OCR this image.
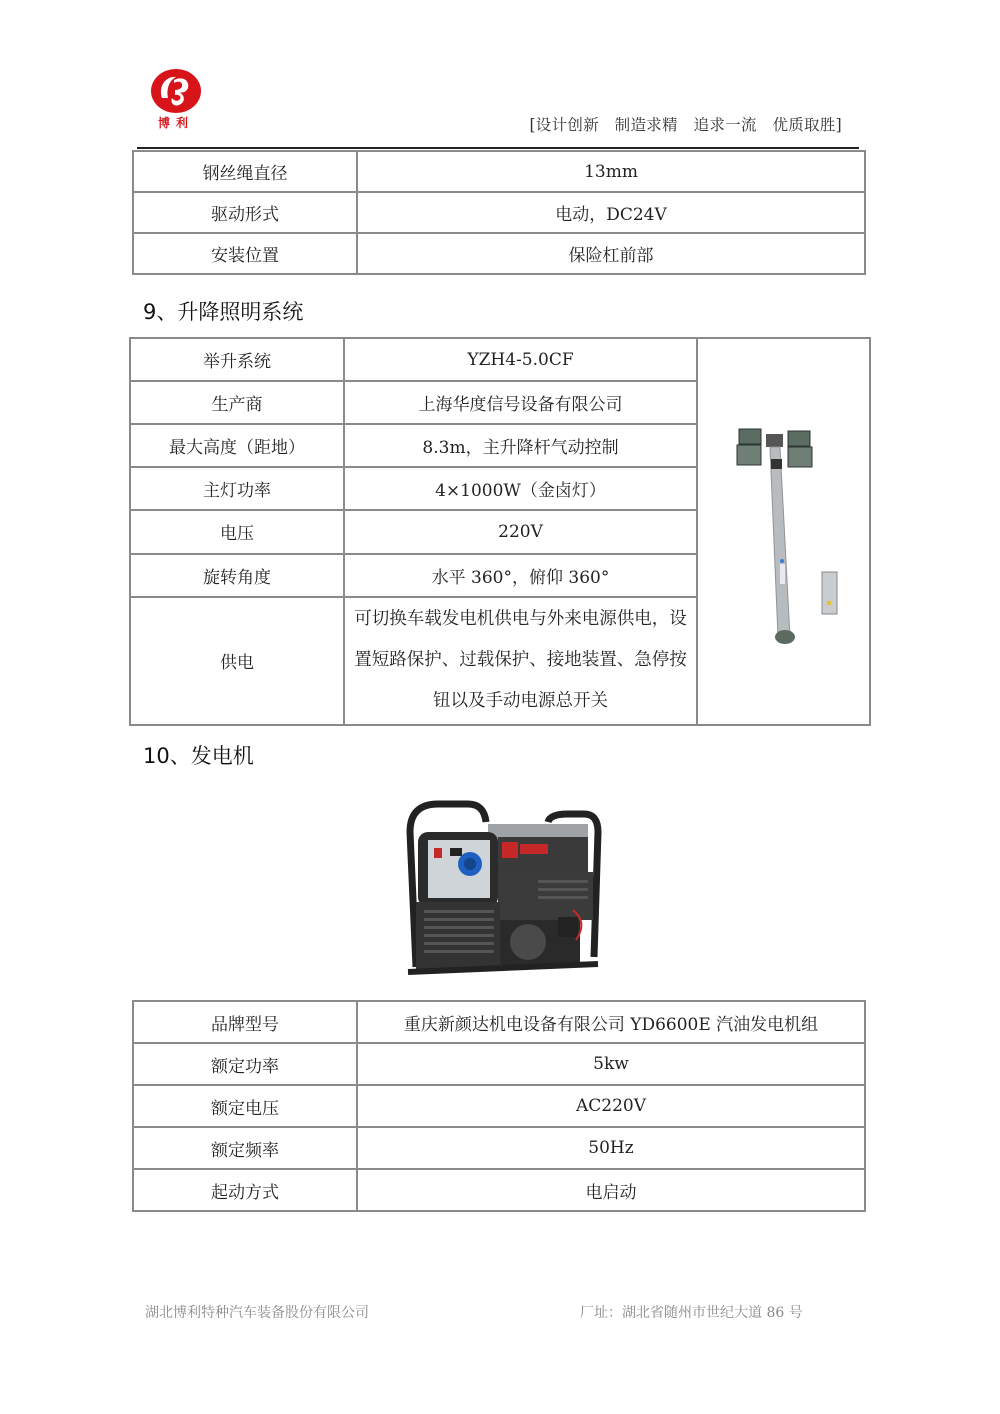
博利	[设计创新   制造求精   追求一流   优质取胜]
钢丝绳直径	13mm
驱动形式	电动，DC24V
安装位置	保险杠前部
9、升降照明系统
举升系统	YZH4-5.0CF	
生产商	上海华度信号设备有限公司	
最大高度（距地）	8.3m，主升降杆气动控制	
主灯功率	4×1000W（金卤灯）	
电压	220V	
旋转角度	水平 360°，俯仰 360°	
供电	可切换车载发电机供电与外来电源供电，设置短路保护、过载保护、接地装置、急停按钮以及手动电源总开关	
10、发电机
品牌型号	重庆新颜达机电设备有限公司 YD6600E 汽油发电机组
额定功率	5kw
额定电压	AC220V
额定频率	50Hz
起动方式	电启动
湖北博利特种汽车装备股份有限公司	厂址：湖北省随州市世纪大道 86 号
